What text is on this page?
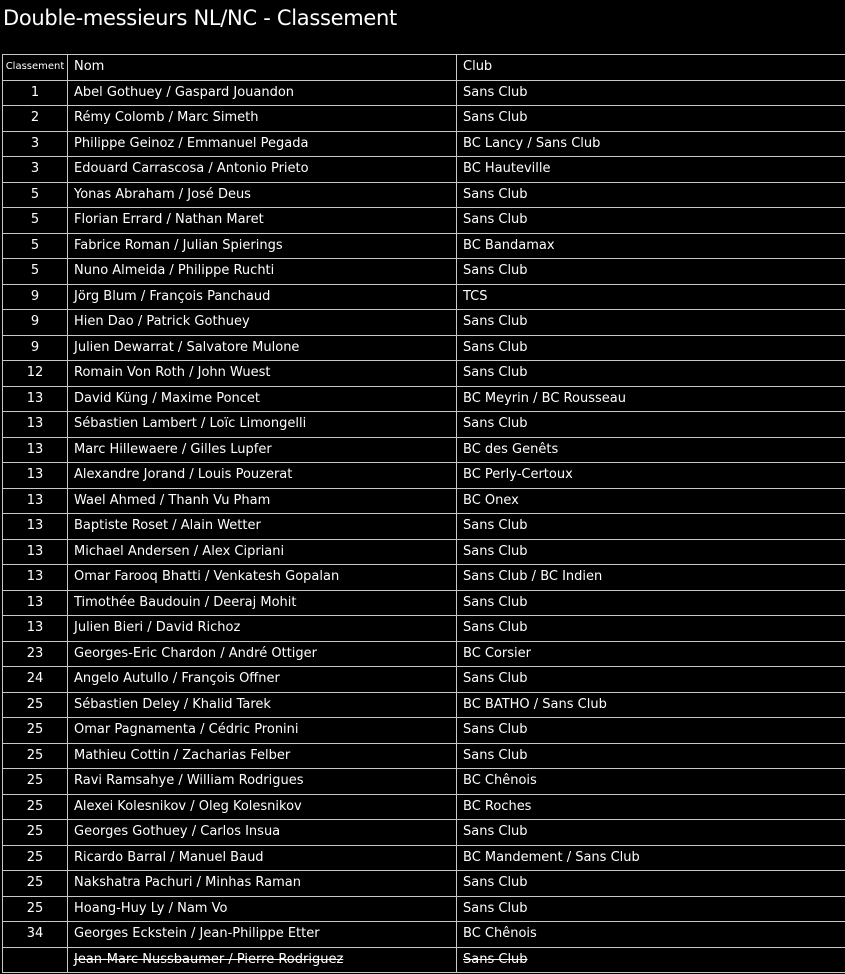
Double-messieurs NL/NC - Classement
Classement	Nom	Club
1	Abel Gothuey / Gaspard Jouandon	Sans Club
2	Rémy Colomb / Marc Simeth	Sans Club
3	Philippe Geinoz / Emmanuel Pegada	BC Lancy / Sans Club
3	Edouard Carrascosa / Antonio Prieto	BC Hauteville
5	Yonas Abraham / José Deus	Sans Club
5	Florian Errard / Nathan Maret	Sans Club
5	Fabrice Roman / Julian Spierings	BC Bandamax
5	Nuno Almeida / Philippe Ruchti	Sans Club
9	Jörg Blum / François Panchaud	TCS
9	Hien Dao / Patrick Gothuey	Sans Club
9	Julien Dewarrat / Salvatore Mulone	Sans Club
12	Romain Von Roth / John Wuest	Sans Club
13	David Küng / Maxime Poncet	BC Meyrin / BC Rousseau
13	Sébastien Lambert / Loïc Limongelli	Sans Club
13	Marc Hillewaere / Gilles Lupfer	BC des Genêts
13	Alexandre Jorand / Louis Pouzerat	BC Perly-Certoux
13	Wael Ahmed / Thanh Vu Pham	BC Onex
13	Baptiste Roset / Alain Wetter	Sans Club
13	Michael Andersen / Alex Cipriani	Sans Club
13	Omar Farooq Bhatti / Venkatesh Gopalan	Sans Club / BC Indien
13	Timothée Baudouin / Deeraj Mohit	Sans Club
13	Julien Bieri / David Richoz	Sans Club
23	Georges-Eric Chardon / André Ottiger	BC Corsier
24	Angelo Autullo / François Offner	Sans Club
25	Sébastien Deley / Khalid Tarek	BC BATHO / Sans Club
25	Omar Pagnamenta / Cédric Pronini	Sans Club
25	Mathieu Cottin / Zacharias Felber	Sans Club
25	Ravi Ramsahye / William Rodrigues	BC Chênois
25	Alexei Kolesnikov / Oleg Kolesnikov	BC Roches
25	Georges Gothuey / Carlos Insua	Sans Club
25	Ricardo Barral / Manuel Baud	BC Mandement / Sans Club
25	Nakshatra Pachuri / Minhas Raman	Sans Club
25	Hoang-Huy Ly / Nam Vo	Sans Club
34	Georges Eckstein / Jean-Philippe Etter	BC Chênois
	Jean-Marc Nussbaumer / Pierre Rodriguez	Sans Club
